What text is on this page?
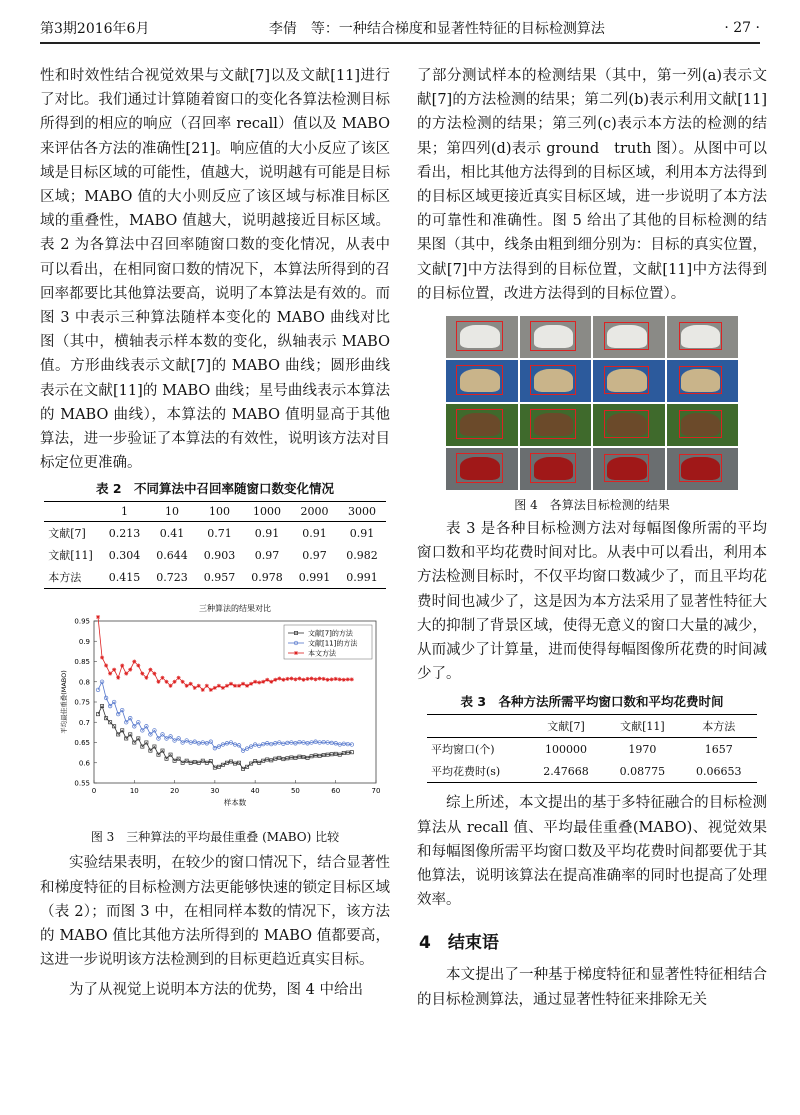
第3期2016年6月	李倩　等：一种结合梯度和显著性特征的目标检测算法	· 27 ·

性和时效性结合视觉效果与文献[7]以及文献[11]进行了对比。我们通过计算随着窗口的变化各算法检测目标所得到的相应的响应（召回率 recall）值以及 MABO 来评估各方法的准确性[21]。响应值的大小反应了该区域是目标区域的可能性，值越大，说明越有可能是目标区域；MABO 值的大小则反应了该区域与标准目标区域的重叠性，MABO 值越大，说明越接近目标区域。表 2 为各算法中召回率随窗口数的变化情况，从表中可以看出，在相同窗口数的情况下，本算法所得到的召回率都要比其他算法要高，说明了本算法是有效的。而图 3 中表示三种算法随样本变化的 MABO 曲线对比图（其中，横轴表示样本数的变化，纵轴表示 MABO 值。方形曲线表示文献[7]的 MABO 曲线；圆形曲线表示在文献[11]的 MABO 曲线；星号曲线表示本算法的 MABO 曲线），本算法的 MABO 值明显高于其他算法，进一步验证了本算法的有效性，说明该方法对目标定位更准确。

表 2　不同算法中召回率随窗口数变化情况
	1	10	100	1000	2000	3000
文献[7]	0.213	0.41	0.71	0.91	0.91	0.91
文献[11]	0.304	0.644	0.903	0.97	0.97	0.982
本方法	0.415	0.723	0.957	0.978	0.991	0.991
三种算法的结果对比
0	10	20	30	40	50	60	70
0.55
0.6
0.65
0.7
0.75
0.8
0.85
0.9
0.95
样本数
平均最佳重叠(MABO)
文献[7]的方法
文献[11]的方法
本文方法
图 3　三种算法的平均最佳重叠 (MABO) 比较

实验结果表明，在较少的窗口情况下，结合显著性和梯度特征的目标检测方法更能够快速的锁定目标区域（表 2）；而图 3 中，在相同样本数的情况下，该方法的 MABO 值比其他方法所得到的 MABO 值都要高，这进一步说明该方法检测到的目标更趋近真实目标。

为了从视觉上说明本方法的优势，图 4 中给出

了部分测试样本的检测结果（其中，第一列(a)表示文献[7]的方法检测的结果；第二列(b)表示利用文献[11]的方法检测的结果；第三列(c)表示本方法的检测的结果；第四列(d)表示 ground　truth 图）。从图中可以看出，相比其他方法得到的目标区域，利用本方法得到的目标区域更接近真实目标区域，进一步说明了本方法的可靠性和准确性。图 5 给出了其他的目标检测的结果图（其中，线条由粗到细分别为：目标的真实位置，文献[7]中方法得到的目标位置，文献[11]中方法得到的目标位置，改进方法得到的目标位置）。

图 4　各算法目标检测的结果

表 3 是各种目标检测方法对每幅图像所需的平均窗口数和平均花费时间对比。从表中可以看出，利用本方法检测目标时，不仅平均窗口数减少了，而且平均花费时间也减少了，这是因为本方法采用了显著性特征大大的抑制了背景区域，使得无意义的窗口大量的减少，从而减少了计算量，进而使得每幅图像所花费的时间减少了。

表 3　各种方法所需平均窗口数和平均花费时间
	文献[7]	文献[11]	本方法
平均窗口(个)	100000	1970	1657
平均花费时(s)	2.47668	0.08775	0.06653

综上所述，本文提出的基于多特征融合的目标检测算法从 recall 值、平均最佳重叠(MABO)、视觉效果和每幅图像所需平均窗口数及平均花费时间都要优于其他算法，说明该算法在提高准确率的同时也提高了处理效率。

4　结束语

本文提出了一种基于梯度特征和显著性特征相结合的目标检测算法，通过显著性特征来排除无关
